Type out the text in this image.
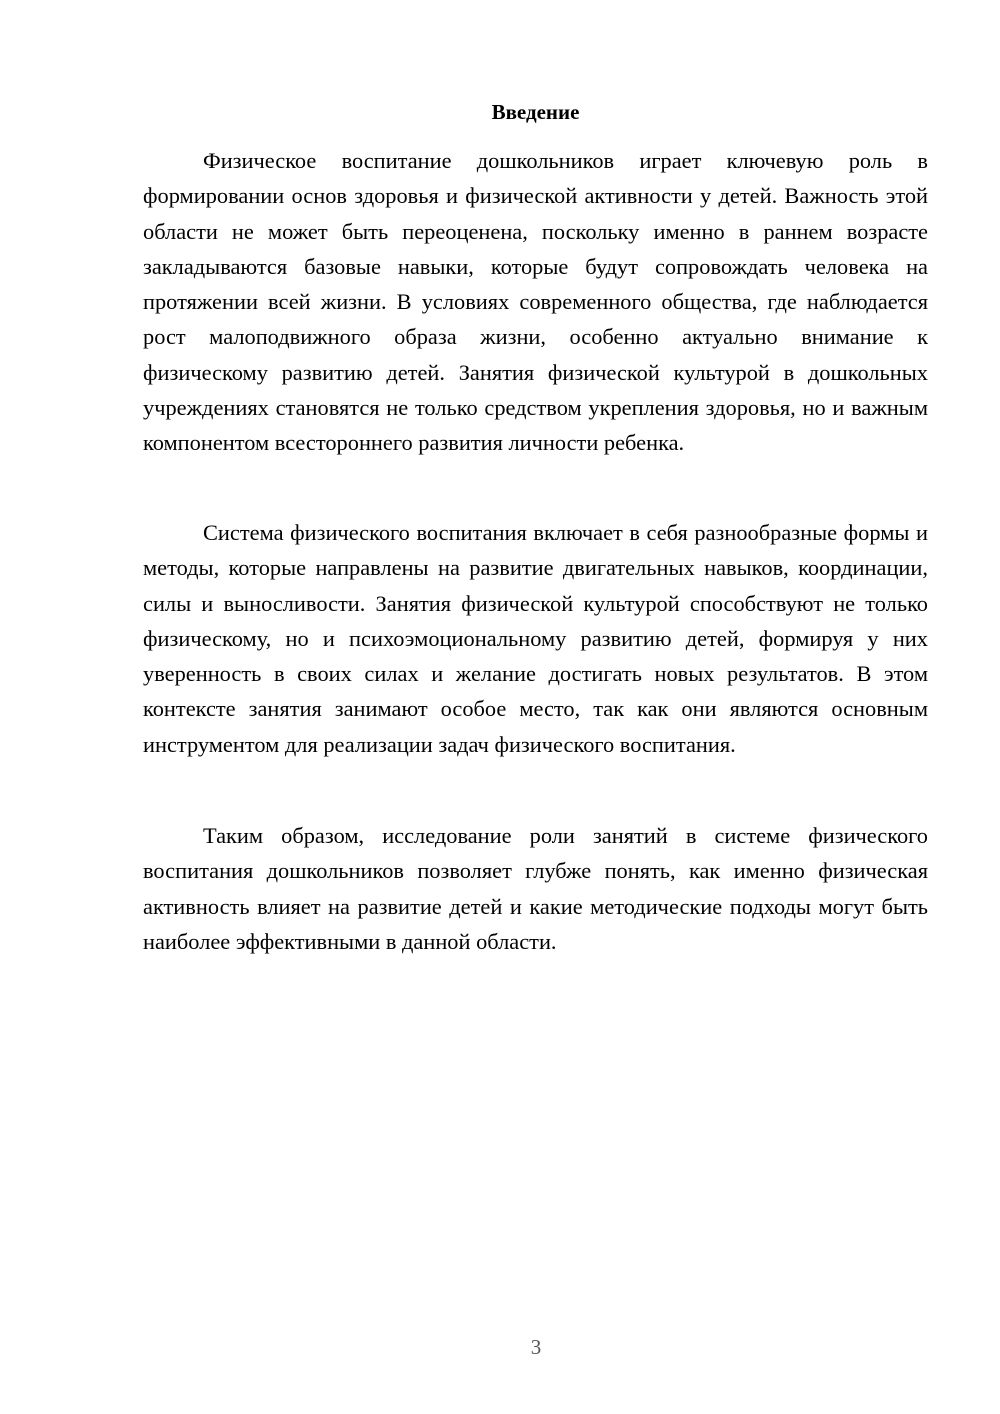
Введение

Физическое воспитание дошкольников играет ключевую роль в формировании основ здоровья и физической активности у детей. Важность этой области не может быть переоценена, поскольку именно в раннем возрасте закладываются базовые навыки, которые будут сопровождать человека на протяжении всей жизни. В условиях современного общества, где наблюдается рост малоподвижного образа жизни, особенно актуально внимание к физическому развитию детей. Занятия физической культурой в дошкольных учреждениях становятся не только средством укрепления здоровья, но и важным компонентом всестороннего развития личности ребенка.

Система физического воспитания включает в себя разнообразные формы и методы, которые направлены на развитие двигательных навыков, координации, силы и выносливости. Занятия физической культурой способствуют не только физическому, но и психоэмоциональному развитию детей, формируя у них уверенность в своих силах и желание достигать новых результатов. В этом контексте занятия занимают особое место, так как они являются основным инструментом для реализации задач физического воспитания.

Таким образом, исследование роли занятий в системе физического воспитания дошкольников позволяет глубже понять, как именно физическая активность влияет на развитие детей и какие методические подходы могут быть наиболее эффективными в данной области.

3
